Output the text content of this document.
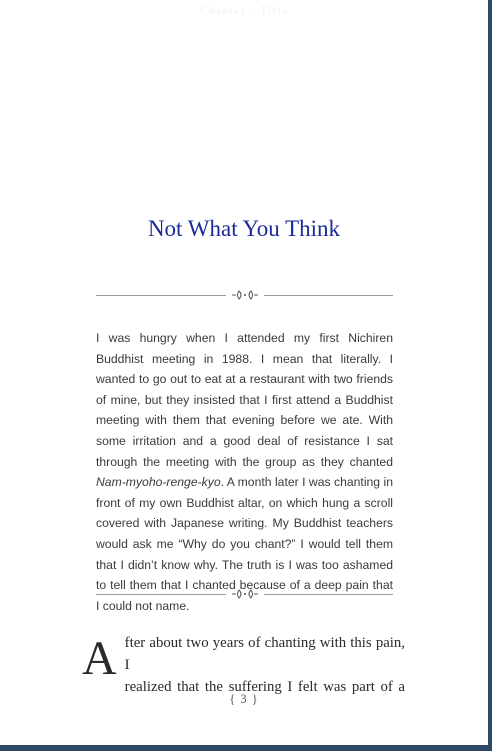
Chapter · Title
Not What You Think
I was hungry when I attended my first Nichiren Buddhist meeting in 1988. I mean that literally. I wanted to go out to eat at a restaurant with two friends of mine, but they insisted that I first attend a Buddhist meeting with them that evening before we ate. With some irritation and a good deal of resistance I sat through the meeting with the group as they chanted Nam-myoho-renge-kyo. A month later I was chanting in front of my own Buddhist altar, on which hung a scroll covered with Japanese writing. My Buddhist teachers would ask me “Why do you chant?” I would tell them that I didn’t know why. The truth is I was too ashamed to tell them that I chanted because of a deep pain that I could not name.
A fter about two years of chanting with this pain, I
realized that the suffering I felt was part of a
{ 3 }
